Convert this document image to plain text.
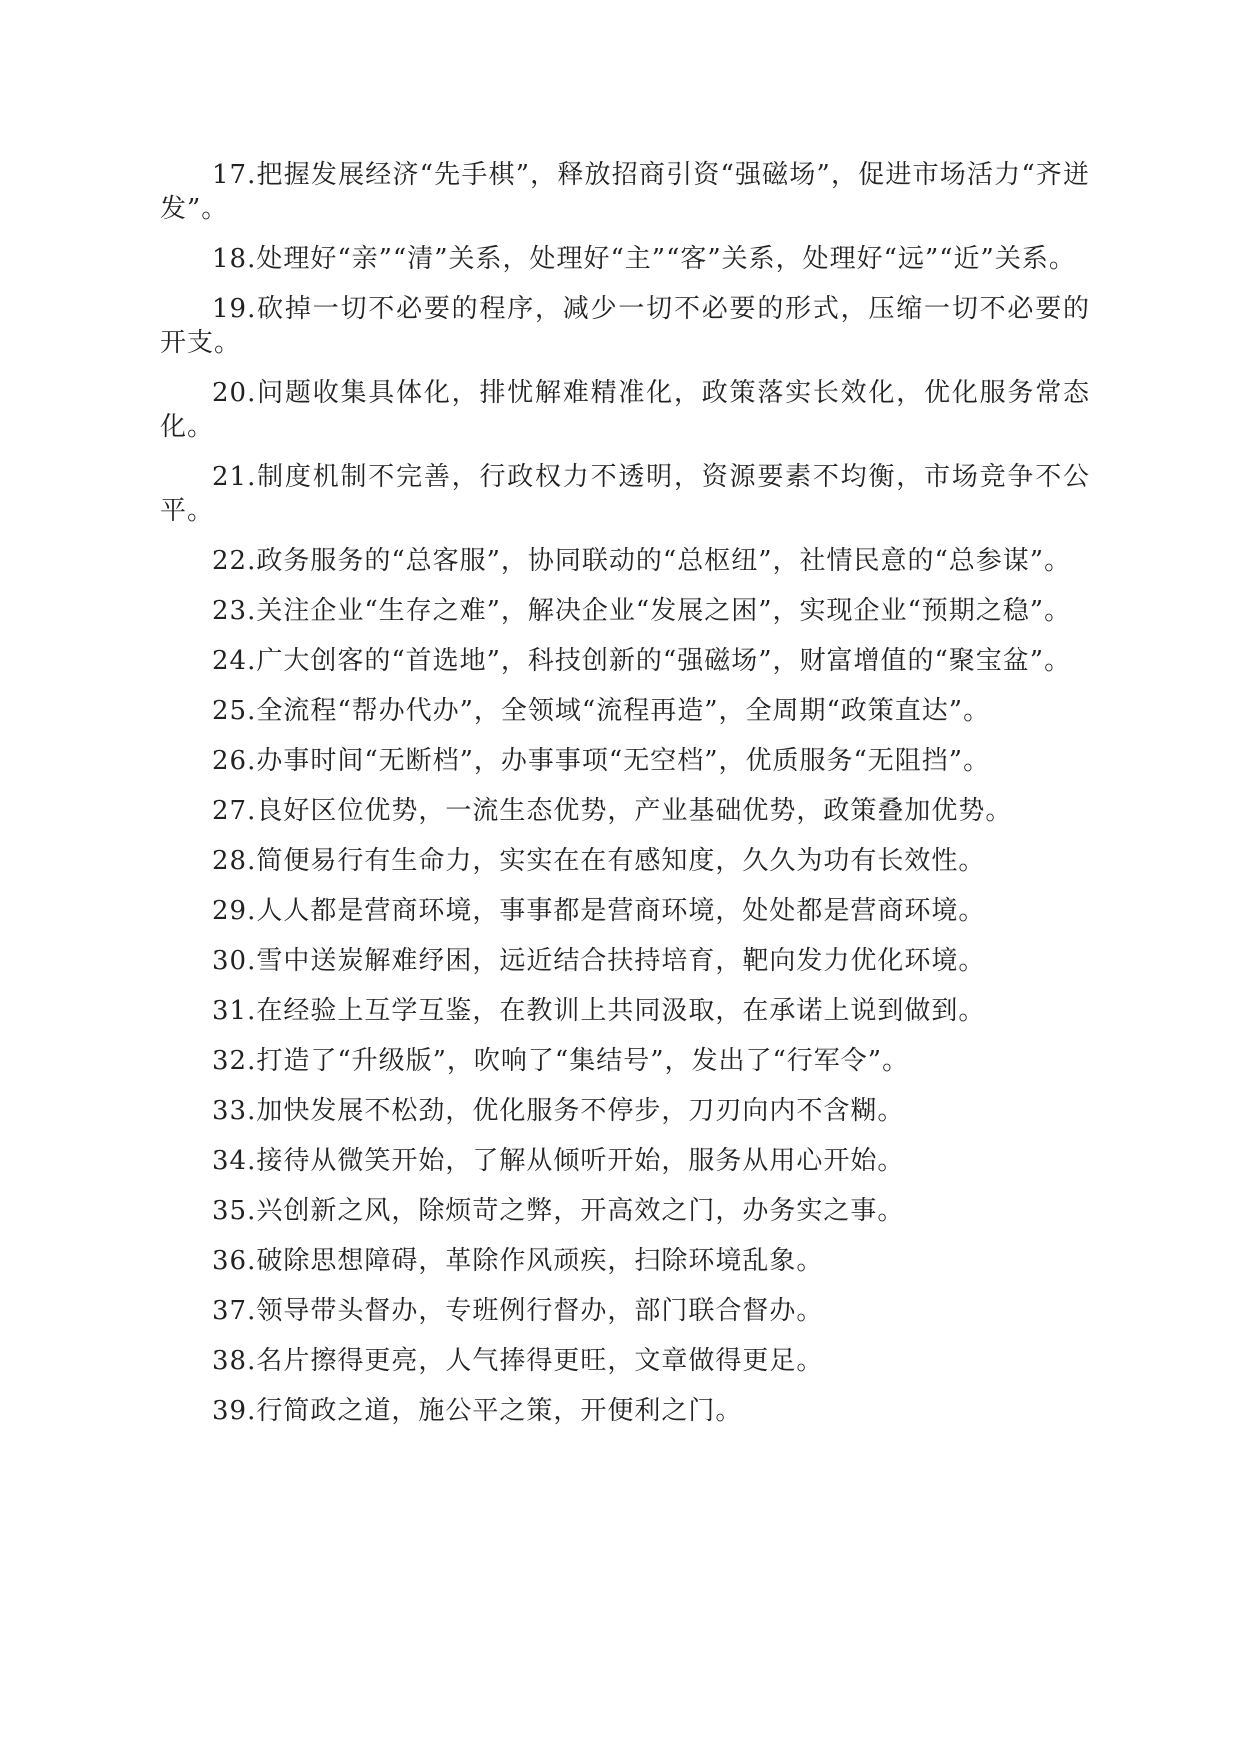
17.把握发展经济“先手棋”，释放招商引资“强磁场”，促进市场活力“齐迸发”。

18.处理好“亲”“清”关系，处理好“主”“客”关系，处理好“远”“近”关系。

19.砍掉一切不必要的程序，减少一切不必要的形式，压缩一切不必要的开支。

20.问题收集具体化，排忧解难精准化，政策落实长效化，优化服务常态化。

21.制度机制不完善，行政权力不透明，资源要素不均衡，市场竞争不公平。

22.政务服务的“总客服”，协同联动的“总枢纽”，社情民意的“总参谋”。

23.关注企业“生存之难”，解决企业“发展之困”，实现企业“预期之稳”。

24.广大创客的“首选地”，科技创新的“强磁场”，财富增值的“聚宝盆”。

25.全流程“帮办代办”，全领域“流程再造”，全周期“政策直达”。

26.办事时间“无断档”，办事事项“无空档”，优质服务“无阻挡”。

27.良好区位优势，一流生态优势，产业基础优势，政策叠加优势。

28.简便易行有生命力，实实在在有感知度，久久为功有长效性。

29.人人都是营商环境，事事都是营商环境，处处都是营商环境。

30.雪中送炭解难纾困，远近结合扶持培育，靶向发力优化环境。

31.在经验上互学互鉴，在教训上共同汲取，在承诺上说到做到。

32.打造了“升级版”，吹响了“集结号”，发出了“行军令”。

33.加快发展不松劲，优化服务不停步，刀刃向内不含糊。

34.接待从微笑开始，了解从倾听开始，服务从用心开始。

35.兴创新之风，除烦苛之弊，开高效之门，办务实之事。

36.破除思想障碍，革除作风顽疾，扫除环境乱象。

37.领导带头督办，专班例行督办，部门联合督办。

38.名片擦得更亮，人气捧得更旺，文章做得更足。

39.行简政之道，施公平之策，开便利之门。
